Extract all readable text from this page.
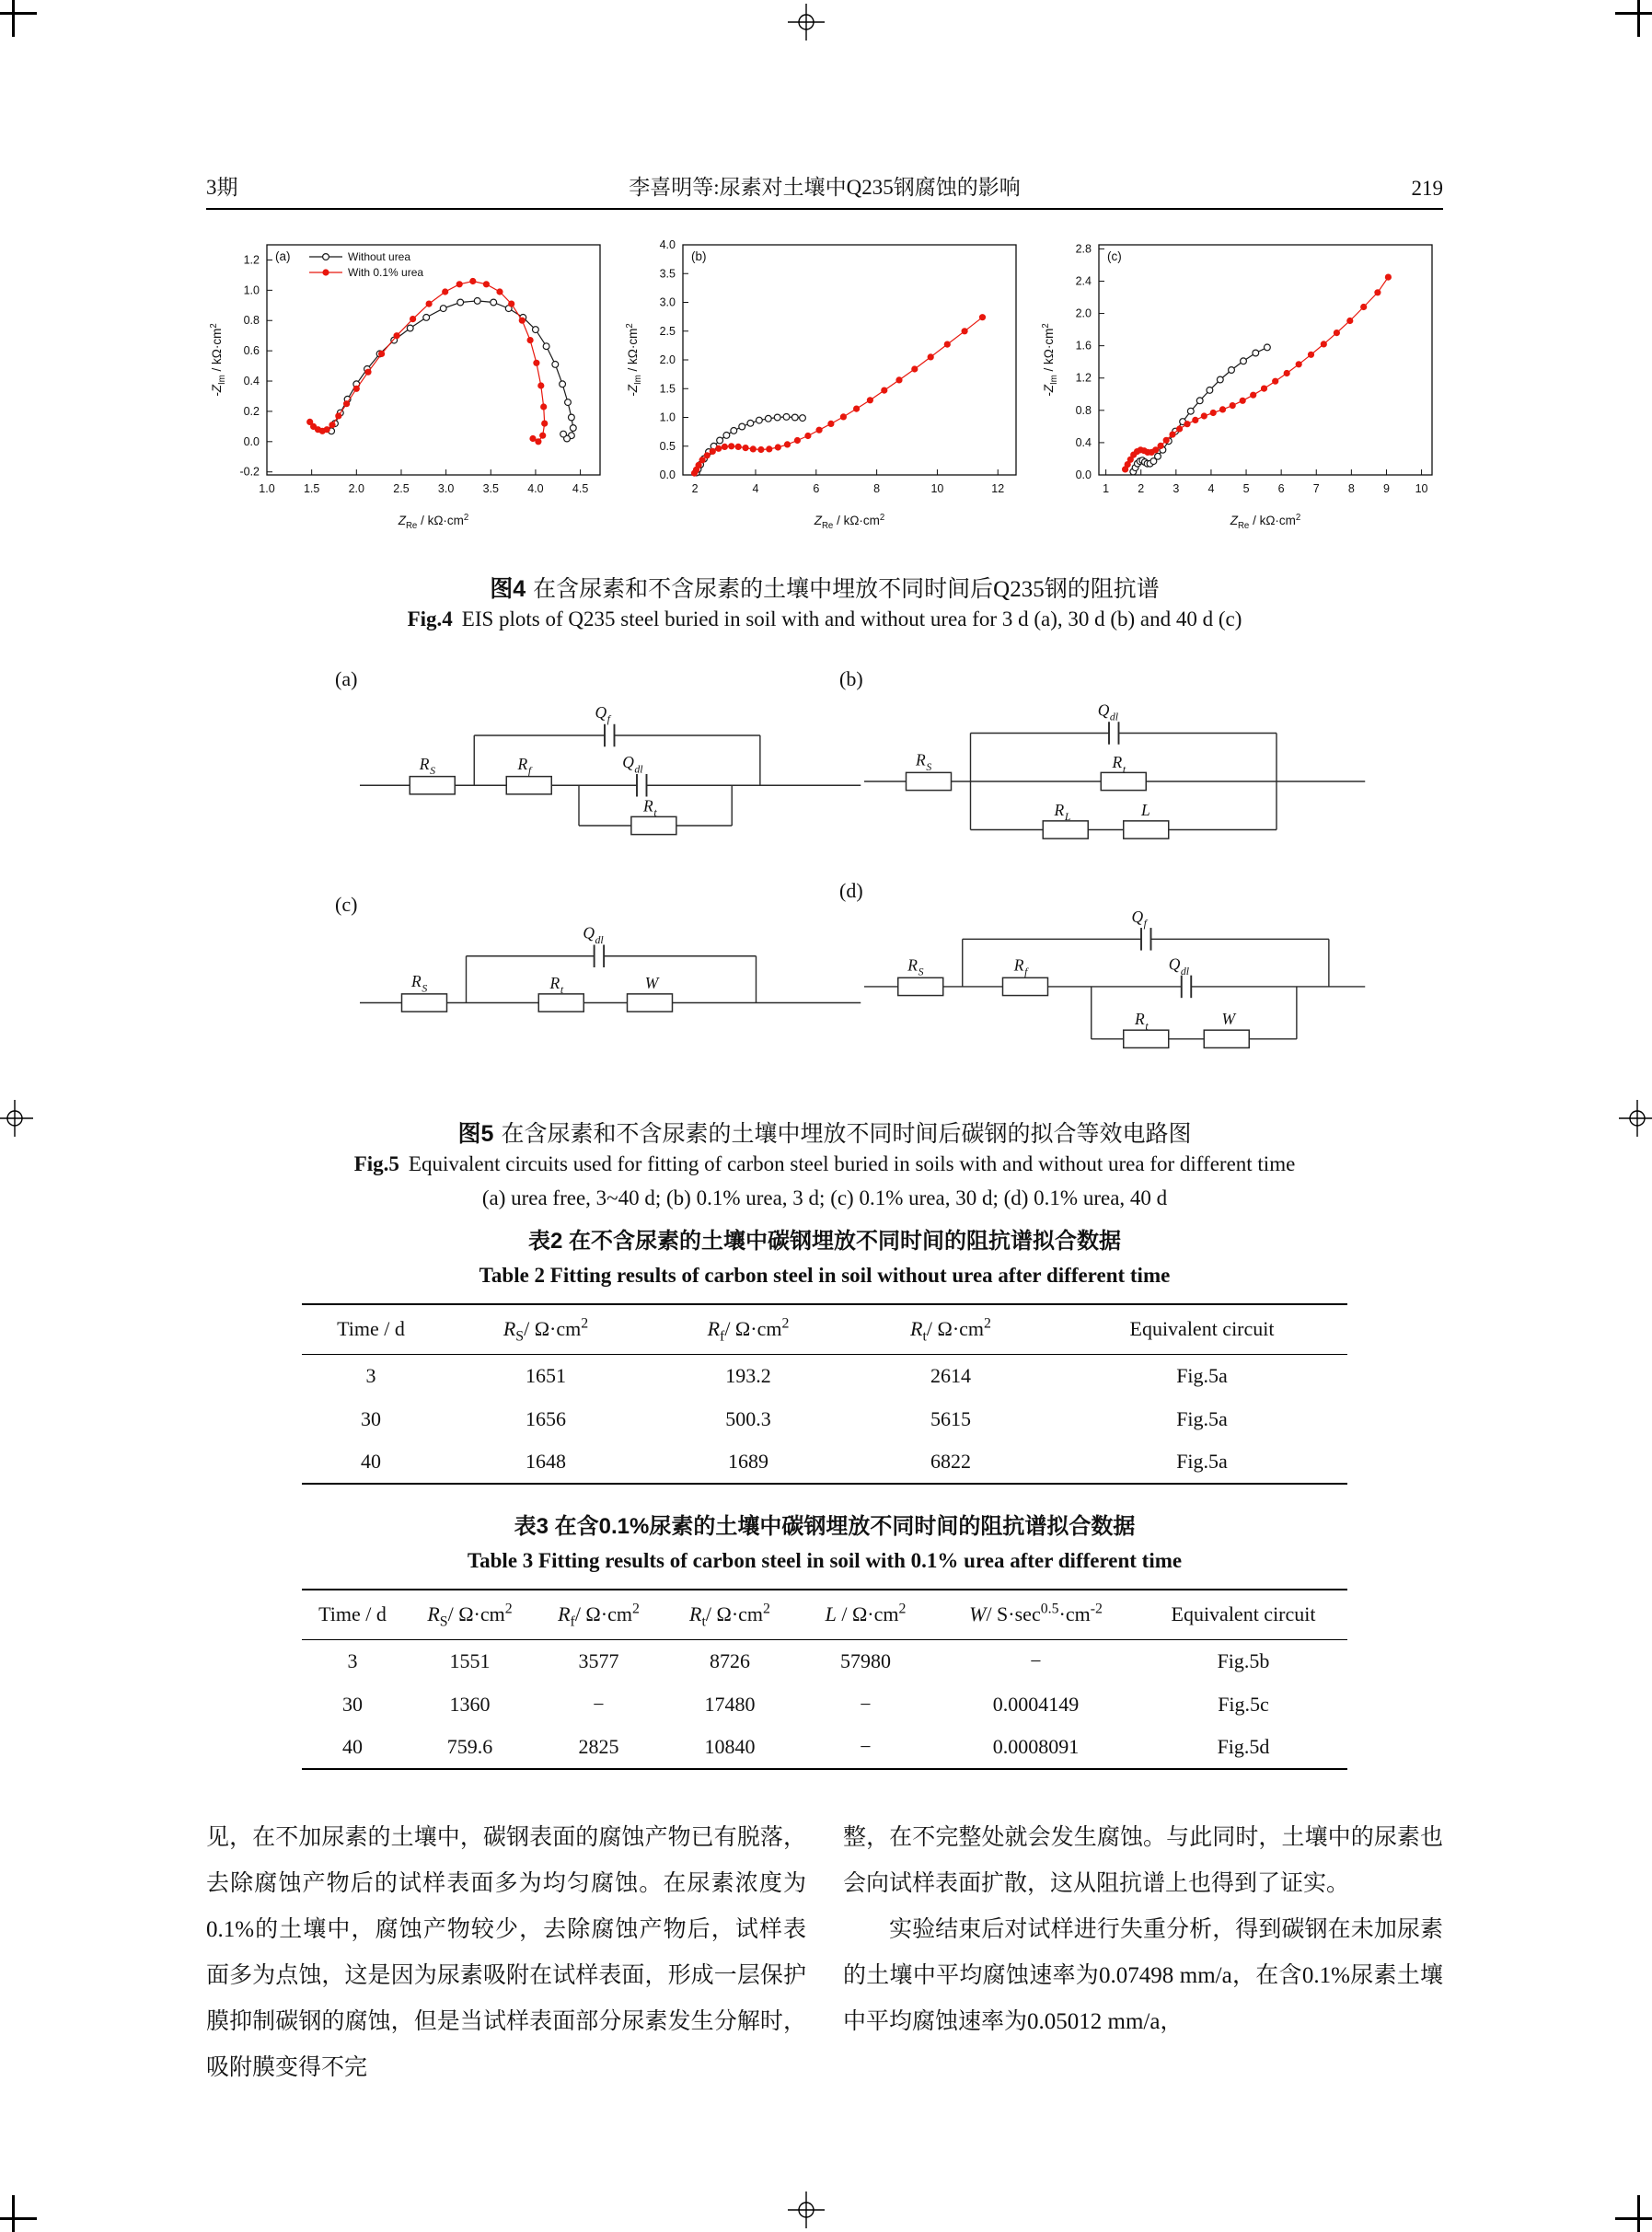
3期	李喜明等:尿素对土壤中Q235钢腐蚀的影响	219
1.0	1.5	2.0	2.5	3.0	3.5	4.0	4.5
-0.2
0.0
0.2
0.4
0.6
0.8
1.0
1.2
$Z_{Re} / k\Omega\cdot cm^2$
$-Z_{Im} / k\Omega\cdot cm^2$
(a)	Without urea
With 0.1% urea
2	4	6	8	10	12
0.0
0.5
1.0
1.5
2.0
2.5
3.0
3.5
4.0
$Z_{Re} / k\Omega\cdot cm^2$
$-Z_{Im} / k\Omega\cdot cm^2$
(b)
1 2 3 4 5 6 7 8 9 10
0.0
0.4
0.8
1.2
1.6
2.0
2.4
2.8
$Z_{Re} / k\Omega\cdot cm^2$
$-Z_{Im} / k\Omega\cdot cm^2$
(c)
图4 在含尿素和不含尿素的土壤中埋放不同时间后Q235钢的阻抗谱
Fig.4 EIS plots of Q235 steel buried in soil with and without urea for 3 d (a), 30 d (b) and 40 d (c)
(a)
R S
Q f
R f	Q dl
R t
(b)
R S
Q dl
R t
R L	L
(c)
R S
Q dl
R t	W
(d)
R S
Q f
R f	Q dl
R t	W
图5 在含尿素和不含尿素的土壤中埋放不同时间后碳钢的拟合等效电路图
Fig.5 Equivalent circuits used for fitting of carbon steel buried in soils with and without urea for different time
(a) urea free, 3~40 d; (b) 0.1% urea, 3 d; (c) 0.1% urea, 30 d; (d) 0.1% urea, 40 d
表2 在不含尿素的土壤中碳钢埋放不同时间的阻抗谱拟合数据
Table 2 Fitting results of carbon steel in soil without urea after different time
Time / d	$R_S/$ $\Omega\cdot cm^2$	$R_f/$ $\Omega\cdot cm^2$	$R_t/$ $\Omega\cdot cm^2$	Equivalent circuit
3	1651	193.2	2614	Fig.5a
30	1656	500.3	5615	Fig.5a
40	1648	1689	6822	Fig.5a
表3 在含0.1%尿素的土壤中碳钢埋放不同时间的阻抗谱拟合数据
Table 3 Fitting results of carbon steel in soil with 0.1% urea after different time
Time / d	$R_S/$ $\Omega\cdot cm^2$	$R_f/$ $\Omega\cdot cm^2$	$R_t/$ $\Omega\cdot cm^2$	$L / \Omega\cdot cm^2$	W/ $S\cdot\sec^{0.5}\cdot cm^{-2}$	Equivalent circuit
3	1551	3577	8726	57980	−	Fig.5b
30	1360	−	17480	−	0.0004149	Fig.5c
40	759.6	2825	10840	−	0.0008091	Fig.5d

见，在不加尿素的土壤中，碳钢表面的腐蚀产物已有脱落，去除腐蚀产物后的试样表面多为均匀腐蚀。在尿素浓度为0.1%的土壤中，腐蚀产物较少，去除腐蚀产物后，试样表面多为点蚀，这是因为尿素吸附在试样表面，形成一层保护膜抑制碳钢的腐蚀，但是当试样表面部分尿素发生分解时，吸附膜变得不完

整，在不完整处就会发生腐蚀。与此同时，土壤中的尿素也会向试样表面扩散，这从阻抗谱上也得到了证实。

实验结束后对试样进行失重分析，得到碳钢在未加尿素的土壤中平均腐蚀速率为0.07498 mm/a，在含0.1%尿素土壤中平均腐蚀速率为0.05012 mm/a，
